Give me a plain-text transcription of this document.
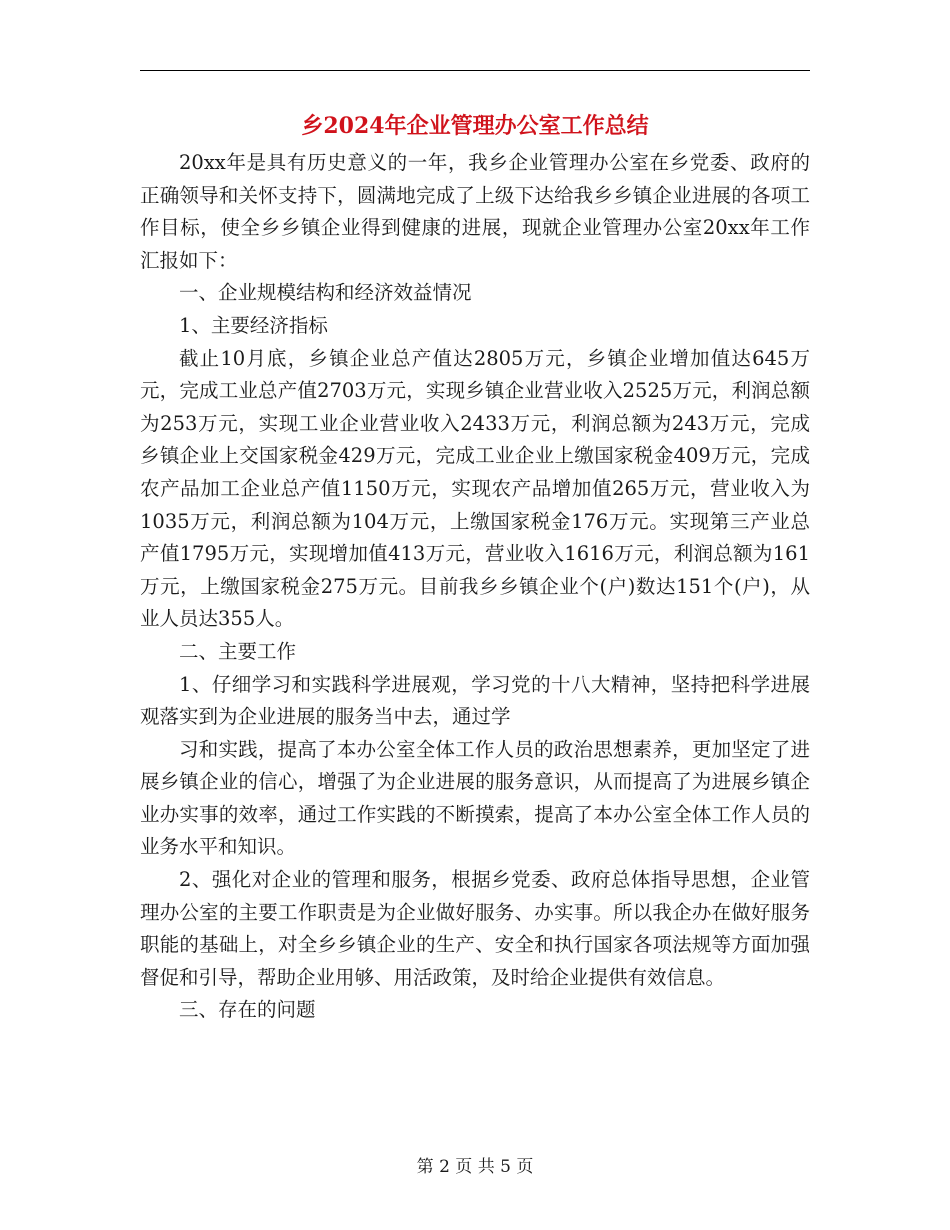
乡2024年企业管理办公室工作总结

20xx年是具有历史意义的一年，我乡企业管理办公室在乡党委、政府的正确领导和关怀支持下，圆满地完成了上级下达给我乡乡镇企业进展的各项工作目标，使全乡乡镇企业得到健康的进展，现就企业管理办公室20xx年工作汇报如下：

一、企业规模结构和经济效益情况

1、主要经济指标

截止10月底，乡镇企业总产值达2805万元，乡镇企业增加值达645万元，完成工业总产值2703万元，实现乡镇企业营业收入2525万元，利润总额为253万元，实现工业企业营业收入2433万元，利润总额为243万元，完成乡镇企业上交国家税金429万元，完成工业企业上缴国家税金409万元，完成农产品加工企业总产值1150万元，实现农产品增加值265万元，营业收入为1035万元，利润总额为104万元，上缴国家税金176万元。实现第三产业总产值1795万元，实现增加值413万元，营业收入1616万元，利润总额为161万元，上缴国家税金275万元。目前我乡乡镇企业个(户)数达151个(户)，从业人员达355人。

二、主要工作

1、仔细学习和实践科学进展观，学习党的十八大精神，坚持把科学进展观落实到为企业进展的服务当中去，通过学

习和实践，提高了本办公室全体工作人员的政治思想素养，更加坚定了进展乡镇企业的信心，增强了为企业进展的服务意识，从而提高了为进展乡镇企业办实事的效率，通过工作实践的不断摸索，提高了本办公室全体工作人员的业务水平和知识。

2、强化对企业的管理和服务，根据乡党委、政府总体指导思想，企业管理办公室的主要工作职责是为企业做好服务、办实事。所以我企办在做好服务职能的基础上，对全乡乡镇企业的生产、安全和执行国家各项法规等方面加强督促和引导，帮助企业用够、用活政策，及时给企业提供有效信息。

三、存在的问题

第 2 页 共 5 页
